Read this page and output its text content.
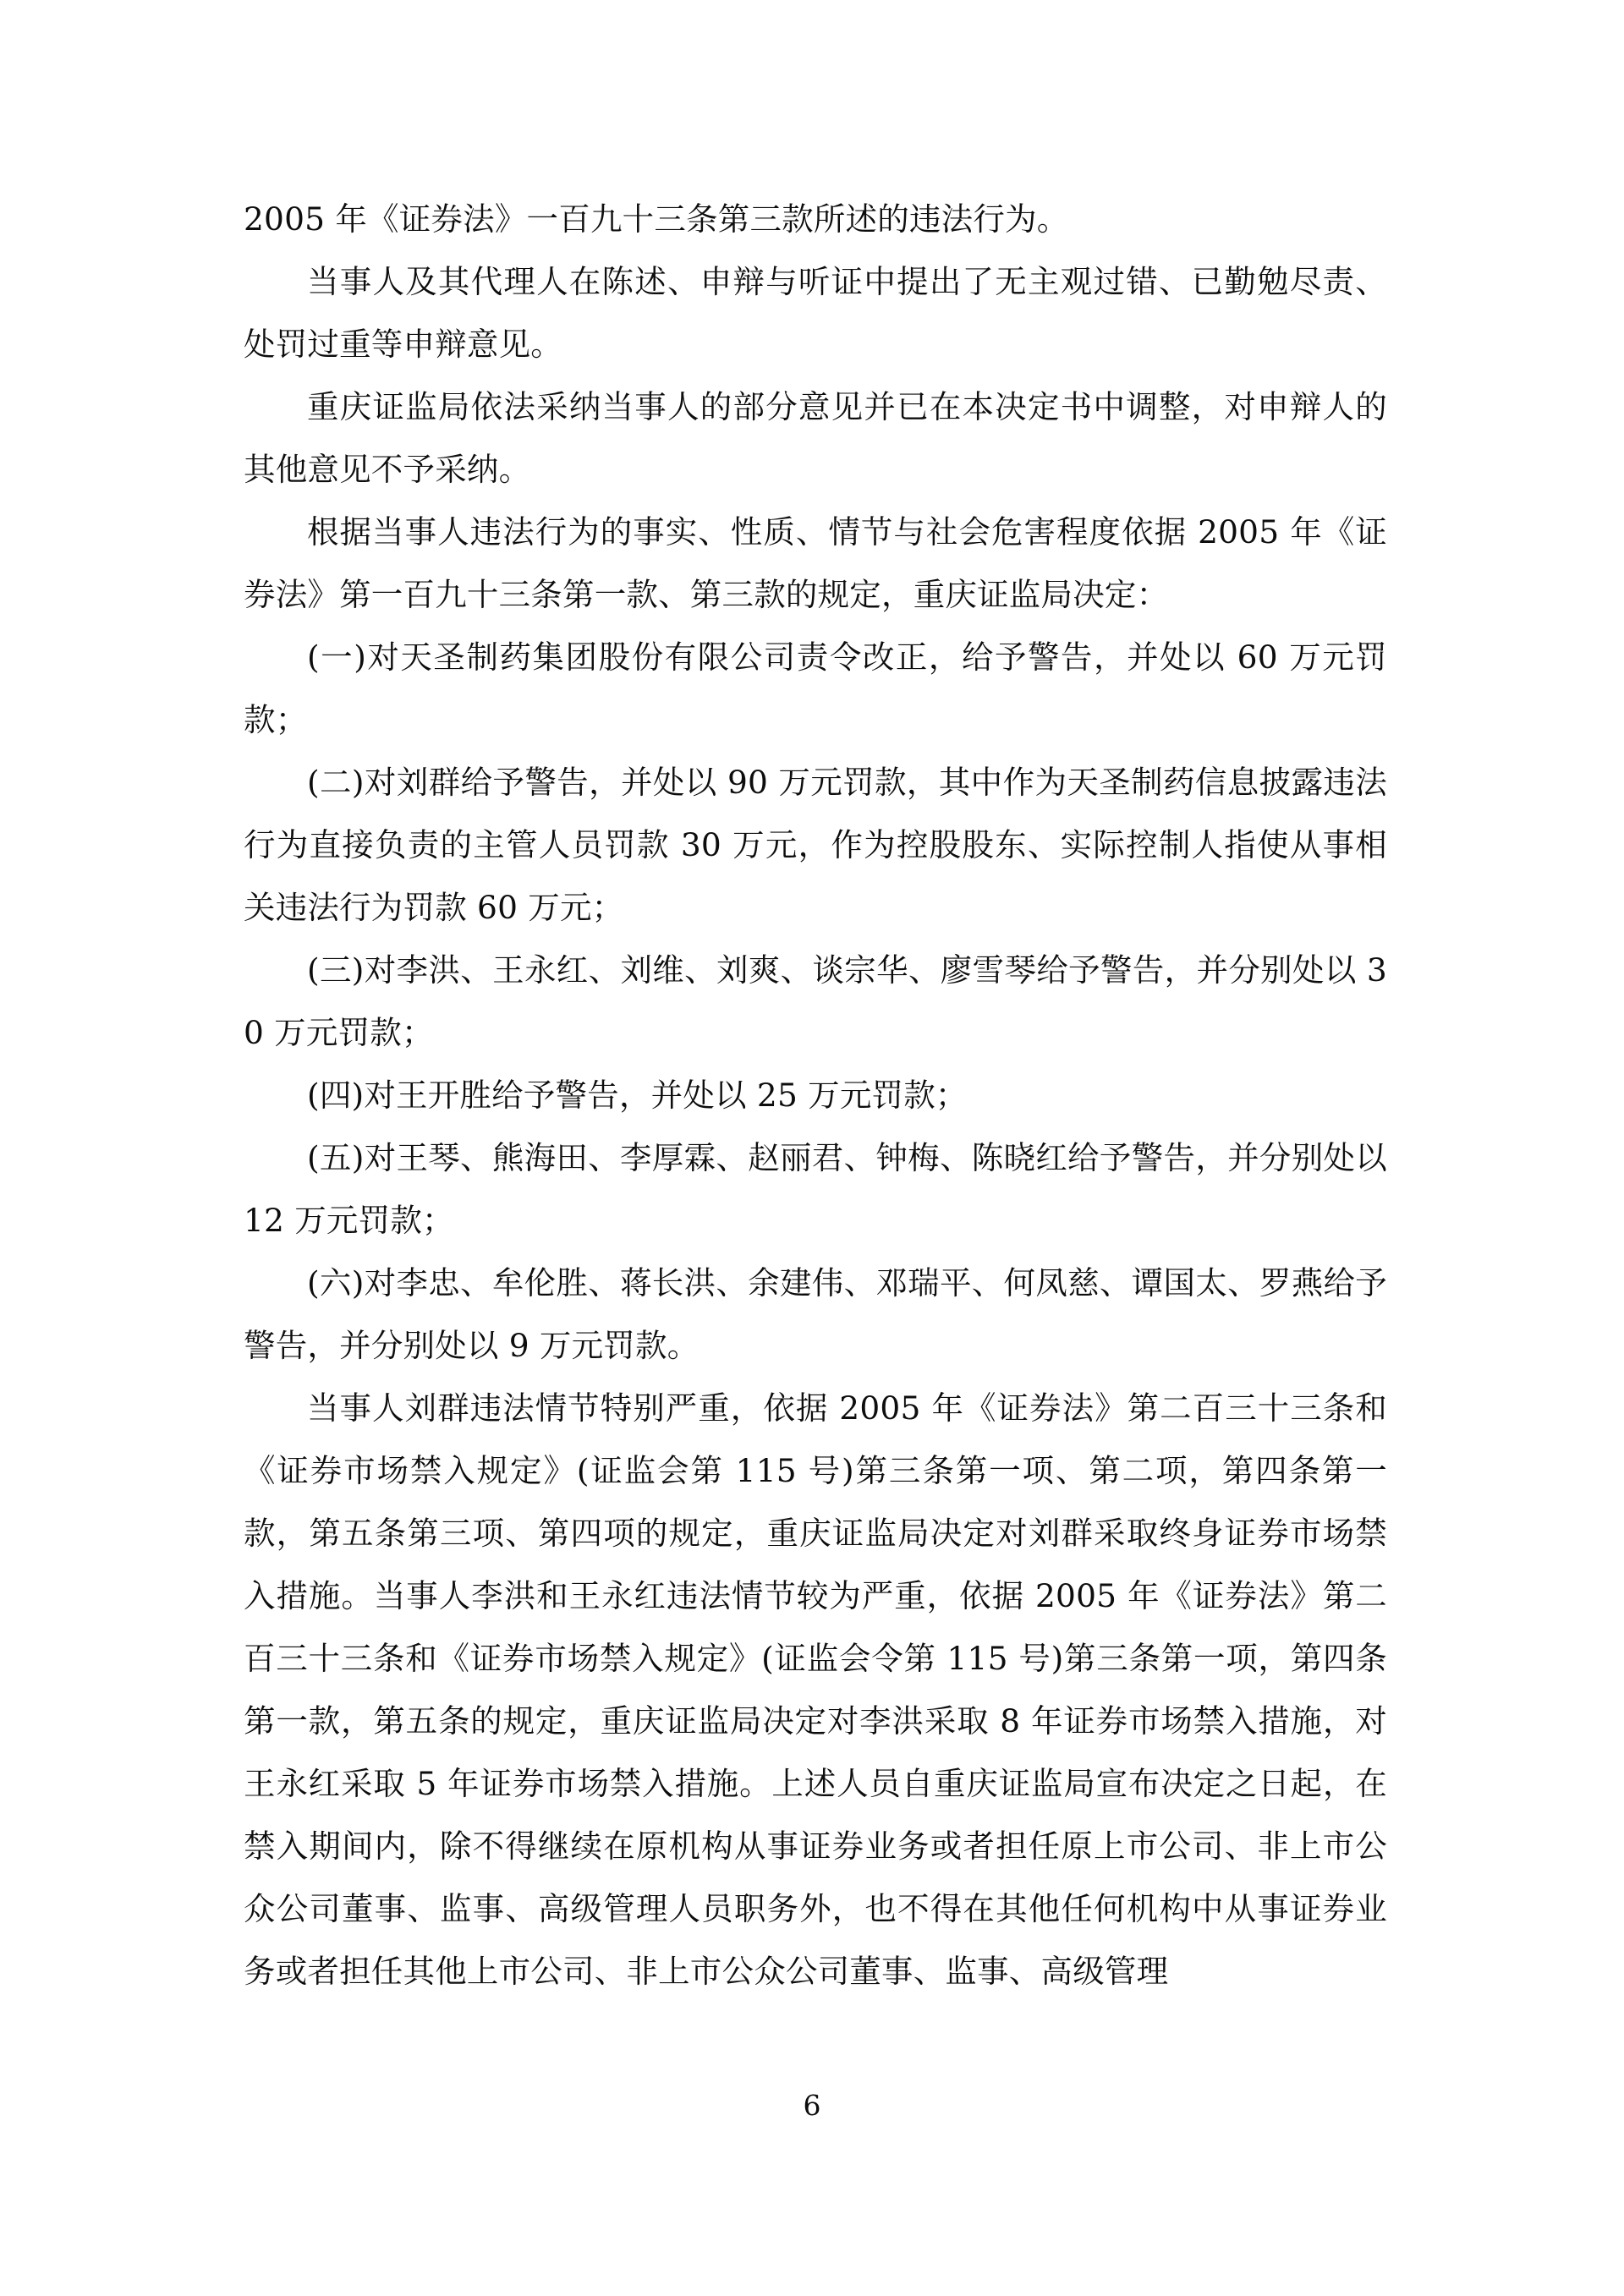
2005 年《证券法》一百九十三条第三款所述的违法行为。

当事人及其代理人在陈述、申辩与听证中提出了无主观过错、已勤勉尽责、处罚过重等申辩意见。

重庆证监局依法采纳当事人的部分意见并已在本决定书中调整，对申辩人的其他意见不予采纳。

根据当事人违法行为的事实、性质、情节与社会危害程度依据 2005 年《证券法》第一百九十三条第一款、第三款的规定，重庆证监局决定：

(一)对天圣制药集团股份有限公司责令改正，给予警告，并处以 60 万元罚款；

(二)对刘群给予警告，并处以 90 万元罚款，其中作为天圣制药信息披露违法行为直接负责的主管人员罚款 30 万元，作为控股股东、实际控制人指使从事相关违法行为罚款 60 万元；

(三)对李洪、王永红、刘维、刘爽、谈宗华、廖雪琴给予警告，并分别处以 30 万元罚款；

(四)对王开胜给予警告，并处以 25 万元罚款；

(五)对王琴、熊海田、李厚霖、赵丽君、钟梅、陈晓红给予警告，并分别处以 12 万元罚款；

(六)对李忠、牟伦胜、蒋长洪、余建伟、邓瑞平、何凤慈、谭国太、罗燕给予警告，并分别处以 9 万元罚款。

当事人刘群违法情节特别严重，依据 2005 年《证券法》第二百三十三条和《证券市场禁入规定》(证监会第 115 号)第三条第一项、第二项，第四条第一款，第五条第三项、第四项的规定，重庆证监局决定对刘群采取终身证券市场禁入措施。当事人李洪和王永红违法情节较为严重，依据 2005 年《证券法》第二百三十三条和《证券市场禁入规定》(证监会令第 115 号)第三条第一项，第四条第一款，第五条的规定，重庆证监局决定对李洪采取 8 年证券市场禁入措施，对王永红采取 5 年证券市场禁入措施。上述人员自重庆证监局宣布决定之日起，在禁入期间内，除不得继续在原机构从事证券业务或者担任原上市公司、非上市公众公司董事、监事、高级管理人员职务外，也不得在其他任何机构中从事证券业务或者担任其他上市公司、非上市公众公司董事、监事、高级管理

6
